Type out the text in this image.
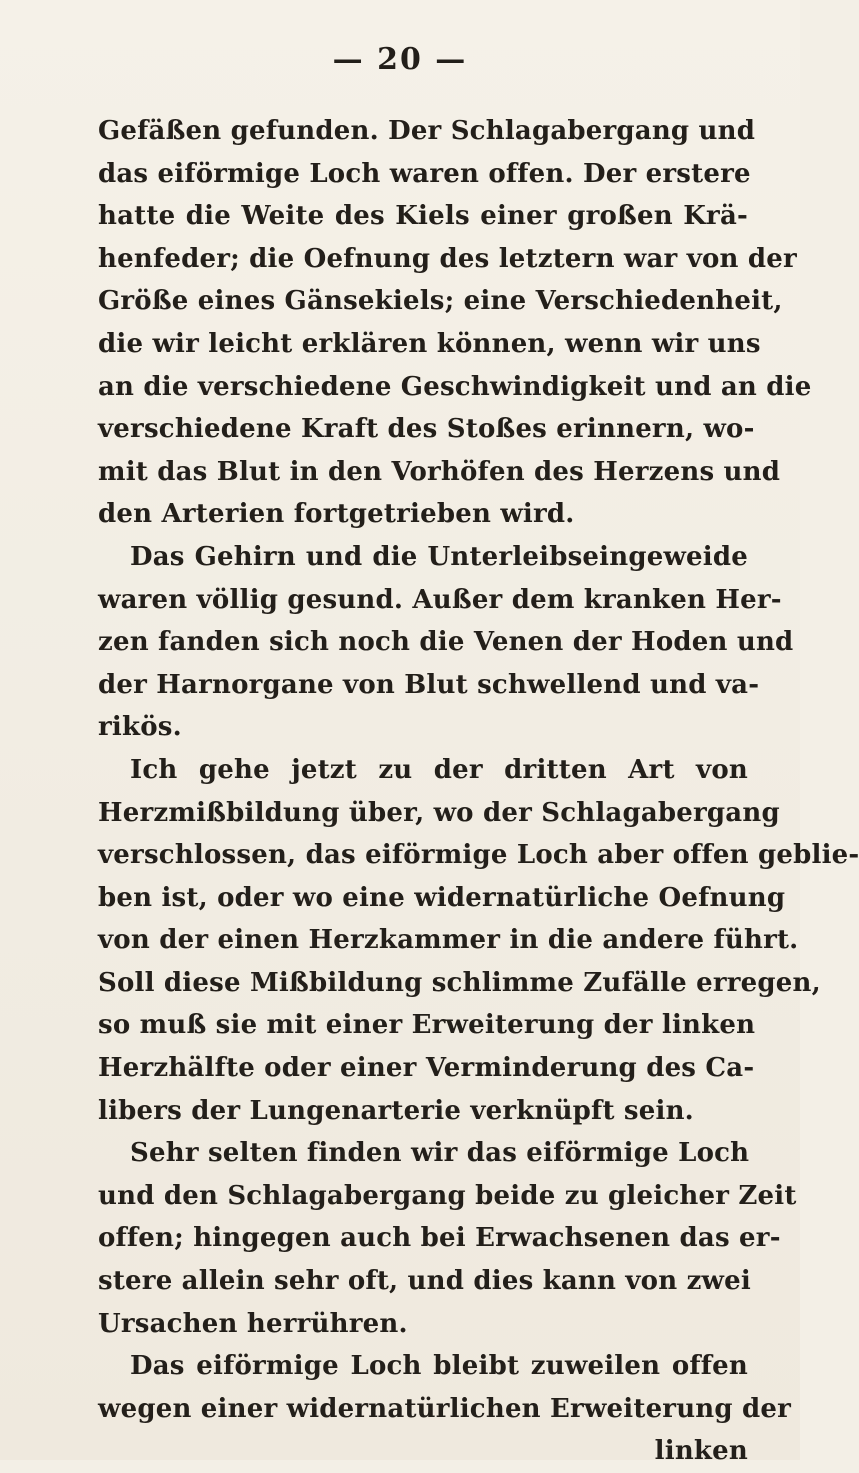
— 20 —
Gefäßen gefunden. Der Schlagabergang und
das eiförmige Loch waren offen. Der erstere
hatte die Weite des Kiels einer großen Krä-
henfeder; die Oefnung des letztern war von der
Größe eines Gänsekiels; eine Verschiedenheit,
die wir leicht erklären können, wenn wir uns
an die verschiedene Geschwindigkeit und an die
verschiedene Kraft des Stoßes erinnern, wo-
mit das Blut in den Vorhöfen des Herzens und
den Arterien fortgetrieben wird.
Das Gehirn und die Unterleibseingeweide
waren völlig gesund. Außer dem kranken Her-
zen fanden sich noch die Venen der Hoden und
der Harnorgane von Blut schwellend und va-
rikös.
Ich gehe jetzt zu der dritten Art von
Herzmißbildung über, wo der Schlagabergang
verschlossen, das eiförmige Loch aber offen geblie-
ben ist, oder wo eine widernatürliche Oefnung
von der einen Herzkammer in die andere führt.
Soll diese Mißbildung schlimme Zufälle erregen,
so muß sie mit einer Erweiterung der linken
Herzhälfte oder einer Verminderung des Ca-
libers der Lungenarterie verknüpft sein.
Sehr selten finden wir das eiförmige Loch
und den Schlagabergang beide zu gleicher Zeit
offen; hingegen auch bei Erwachsenen das er-
stere allein sehr oft, und dies kann von zwei
Ursachen herrühren.
Das eiförmige Loch bleibt zuweilen offen
wegen einer widernatürlichen Erweiterung der
linken
